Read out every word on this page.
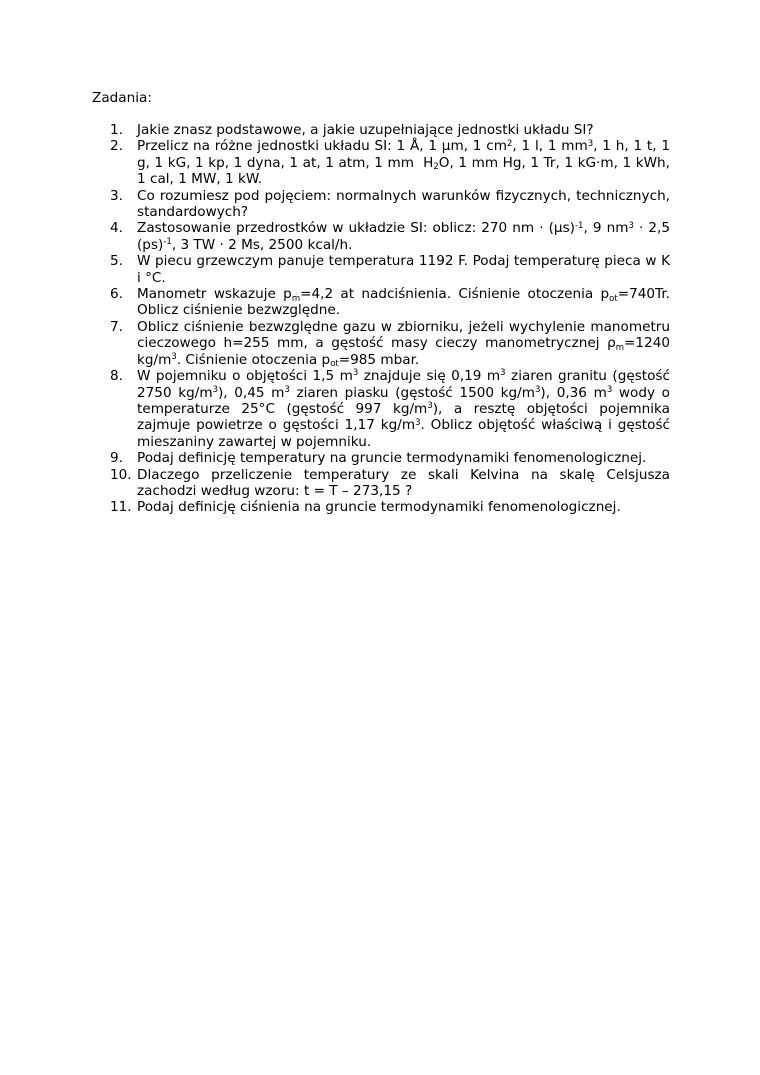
Zadania:
1. Jakie znasz podstawowe, a jakie uzupełniające jednostki układu SI?
2. Przelicz na różne jednostki układu SI: 1 Å, 1 μm, 1 $cm^2$, 1 l, 1 $mm^3$, 1 h, 1 t, 1 g, 1 kG, 1 kp, 1 dyna, 1 at, 1 atm, 1 mm  $H_2O$, 1 mm Hg, 1 Tr, 1 kG·m, 1 kWh, 1 cal, 1 MW, 1 kW.
3. Co rozumiesz pod pojęciem: normalnych warunków fizycznych, technicznych, standardowych?
4. Zastosowanie przedrostków w układzie SI: oblicz: 270 nm · $(\mu s)^{-1}$, 9 $nm^3 \cdot 2,5$ (ps)$^{-1}$, 3 TW · 2 Ms, 2500 kcal/h.
5. W piecu grzewczym panuje temperatura 1192 F. Podaj temperaturę pieca w K i °C.
6. Manometr wskazuje $p_m=4,2$ at nadciśnienia. Ciśnienie otoczenia $p_{ot}=740Tr$. Oblicz ciśnienie bezwzględne.
7. Oblicz ciśnienie bezwzględne gazu w zbiorniku, jeżeli wychylenie manometru cieczowego h=255 mm, a gęstość masy cieczy manometrycznej $\rho_m=1240$ $kg/m^3$. Ciśnienie otoczenia $p_{ot}=985$ mbar.
8. W pojemniku o objętości 1,5 $m^3$ znajduje się 0,19 $m^3$ ziaren granitu (gęstość 2750 $kg/m^3$), 0,45 $m^3$ ziaren piasku (gęstość 1500 $kg/m^3$), 0,36 $m^3$ wody o temperaturze 25°C (gęstość 997 $kg/m^3$), a resztę objętości pojemnika zajmuje powietrze o gęstości 1,17 $kg/m^3$. Oblicz objętość właściwą i gęstość mieszaniny zawartej w pojemniku.
9. Podaj definicję temperatury na gruncie termodynamiki fenomenologicznej.
10. Dlaczego przeliczenie temperatury ze skali Kelvina na skalę Celsjusza zachodzi według wzoru: t = T – 273,15 ?
11. Podaj definicję ciśnienia na gruncie termodynamiki fenomenologicznej.
